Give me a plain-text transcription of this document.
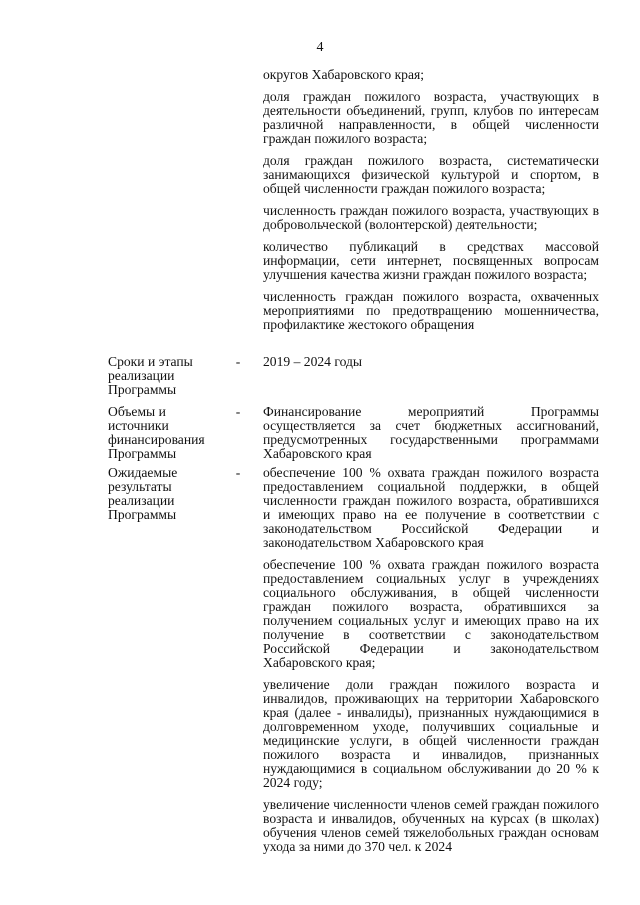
4

округов Хабаровского края;

доля граждан пожилого возраста, участвующих в деятельности объединений, групп, клубов по интересам различной направленности, в общей численности граждан пожилого возраста;

доля граждан пожилого возраста, систематически занимающихся физической культурой и спортом, в общей численности граждан пожилого возраста;

численность граждан пожилого возраста, участвующих в добровольческой (волонтерской) деятельности;

количество публикаций в средствах массовой информации, сети интернет, посвященных вопросам улучшения качества жизни граждан пожилого возраста;

численность граждан пожилого возраста, охваченных мероприятиями по предотвращению мошенничества, профилактике жестокого обращения

Сроки и этапы реализации Программы
- 2019 – 2024 годы

Объемы и источники финансирования Программы
- Финансирование мероприятий Программы осуществляется за счет бюджетных ассигнований, предусмотренных государственными программами Хабаровского края

Ожидаемые результаты реализации Программы
- обеспечение 100 % охвата граждан пожилого возраста предоставлением социальной поддержки, в общей численности граждан пожилого возраста, обратившихся и имеющих право на ее получение в соответствии с законодательством Российской Федерации и законодательством Хабаровского края

обеспечение 100 % охвата граждан пожилого возраста предоставлением социальных услуг в учреждениях социального обслуживания, в общей численности граждан пожилого возраста, обратившихся за получением социальных услуг и имеющих право на их получение в соответствии с законодательством Российской Федерации и законодательством Хабаровского края;

увеличение доли граждан пожилого возраста и инвалидов, проживающих на территории Хабаровского края (далее - инвалиды), признанных нуждающимися в долговременном уходе, получивших социальные и медицинские услуги, в общей численности граждан пожилого возраста и инвалидов, признанных нуждающимися в социальном обслуживании до 20 % к 2024 году;

увеличение численности членов семей граждан пожилого возраста и инвалидов, обученных на курсах (в школах) обучения членов семей тяжелобольных граждан основам ухода за ними до 370 чел. к 2024
